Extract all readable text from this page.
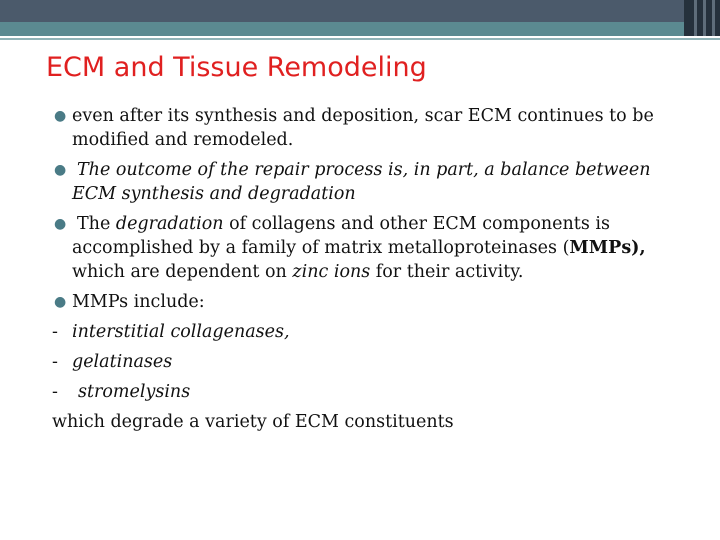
ECM and Tissue Remodeling
● even after its synthesis and deposition, scar ECM continues to be modified and remodeled.
● The outcome of the repair process is, in part, a balance between ECM synthesis and degradation
● The degradation of collagens and other ECM components is accomplished by a family of matrix metalloproteinases (MMPs), which are dependent on zinc ions for their activity.
● MMPs include:
- interstitial collagenases,
- gelatinases
- stromelysins
which degrade a variety of ECM constituents
